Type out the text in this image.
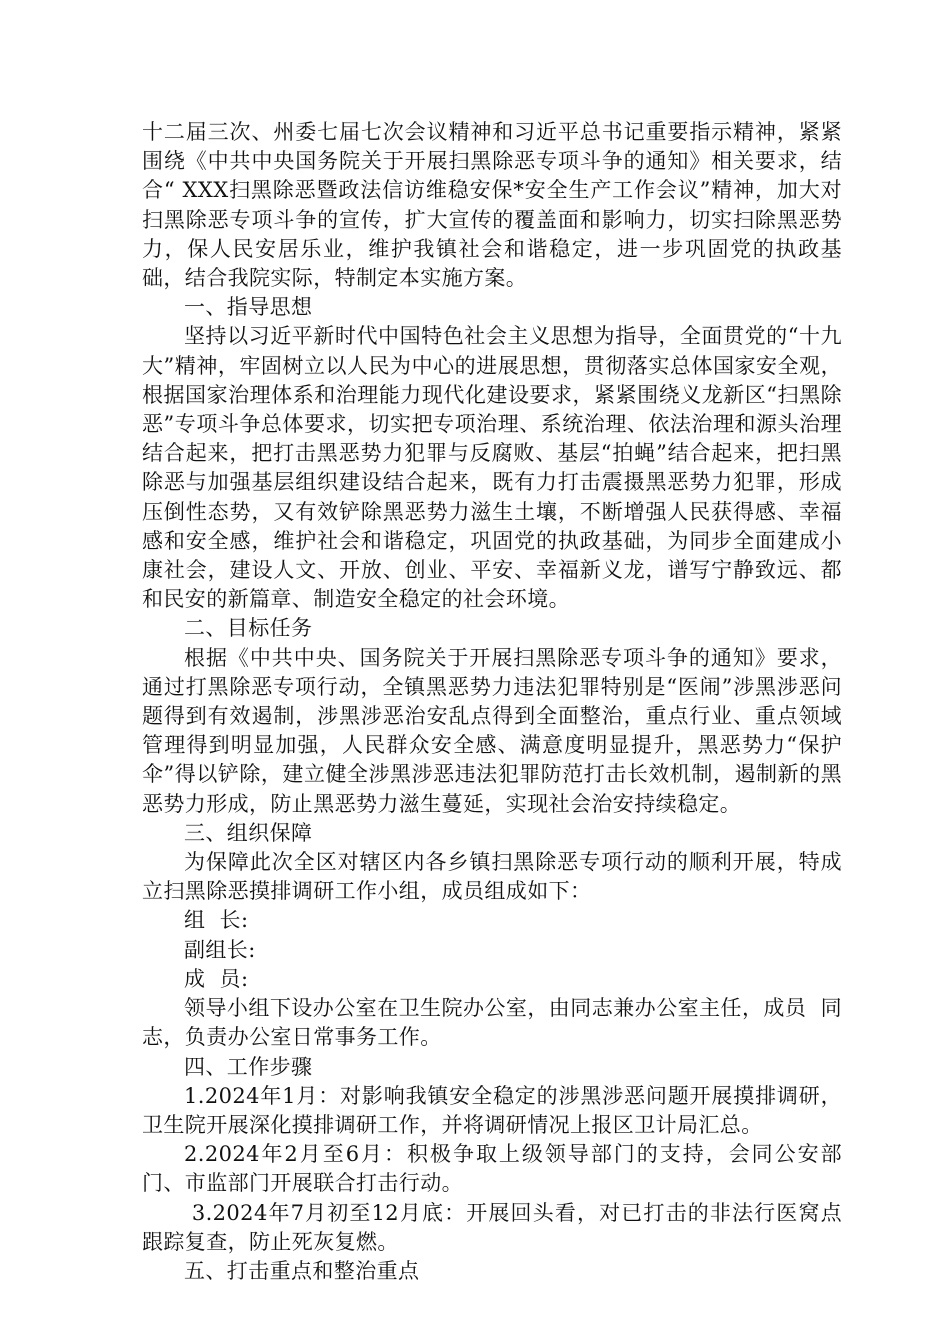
十二届三次、州委七届七次会议精神和习近平总书记重要指示精神，紧紧围绕《中共中央国务院关于开展扫黑除恶专项斗争的通知》相关要求，结合“ XXX扫黑除恶暨政法信访维稳安保*安全生产工作会议”精神，加大对扫黑除恶专项斗争的宣传，扩大宣传的覆盖面和影响力，切实扫除黑恶势力，保人民安居乐业，维护我镇社会和谐稳定，进一步巩固党的执政基础，结合我院实际，特制定本实施方案。

一、指导思想

坚持以习近平新时代中国特色社会主义思想为指导，全面贯党的“十九大”精神，牢固树立以人民为中心的进展思想，贯彻落实总体国家安全观，根据国家治理体系和治理能力现代化建设要求，紧紧围绕义龙新区“扫黑除恶”专项斗争总体要求，切实把专项治理、系统治理、依法治理和源头治理结合起来，把打击黑恶势力犯罪与反腐败、基层“拍蝇”结合起来，把扫黑除恶与加强基层组织建设结合起来，既有力打击震摄黑恶势力犯罪，形成压倒性态势，又有效铲除黑恶势力滋生土壤，不断增强人民获得感、幸福感和安全感，维护社会和谐稳定，巩固党的执政基础，为同步全面建成小康社会，建设人文、开放、创业、平安、幸福新义龙，谱写宁静致远、都和民安的新篇章、制造安全稳定的社会环境。

二、目标任务

根据《中共中央、国务院关于开展扫黑除恶专项斗争的通知》要求，通过打黑除恶专项行动，全镇黑恶势力违法犯罪特别是“医闹”涉黑涉恶问题得到有效遏制，涉黑涉恶治安乱点得到全面整治，重点行业、重点领域管理得到明显加强，人民群众安全感、满意度明显提升，黑恶势力“保护伞”得以铲除，建立健全涉黑涉恶违法犯罪防范打击长效机制，遏制新的黑恶势力形成，防止黑恶势力滋生蔓延，实现社会治安持续稳定。

三、组织保障

为保障此次全区对辖区内各乡镇扫黑除恶专项行动的顺利开展，特成立扫黑除恶摸排调研工作小组，成员组成如下：

组  长:

副组长:

成  员:

领导小组下设办公室在卫生院办公室，由同志兼办公室主任，成员  同志，负责办公室日常事务工作。

四、工作步骤

1.2024年1月：对影响我镇安全稳定的涉黑涉恶问题开展摸排调研，卫生院开展深化摸排调研工作，并将调研情况上报区卫计局汇总。

2.2024年2月至6月：积极争取上级领导部门的支持，会同公安部门、市监部门开展联合打击行动。

3.2024年7月初至12月底：开展回头看，对已打击的非法行医窝点跟踪复查，防止死灰复燃。

五、打击重点和整治重点
